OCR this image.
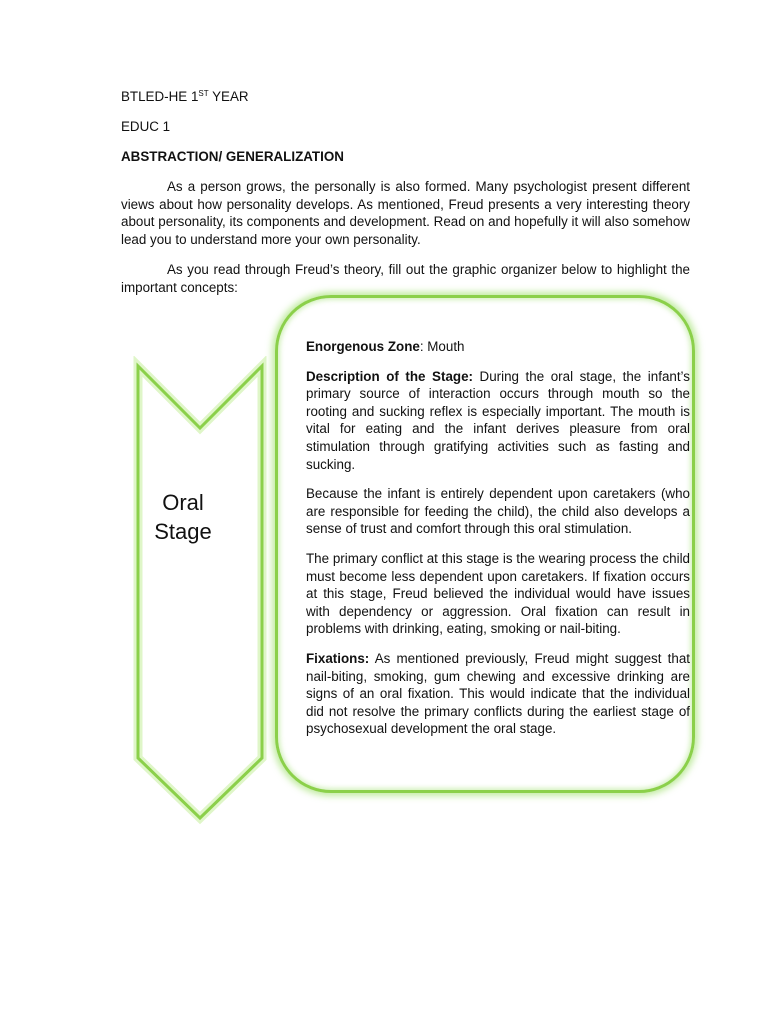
BTLED-HE 1ST YEAR

EDUC 1

ABSTRACTION/ GENERALIZATION

As a person grows, the personally is also formed. Many psychologist present different views about how personality develops. As mentioned, Freud presents a very interesting theory about personality, its components and development. Read on and hopefully it will also somehow lead you to understand more your own personality.

As you read through Freud’s theory, fill out the graphic organizer below to highlight the important concepts:

Oral
Stage

Enorgenous Zone: Mouth

Description of the Stage: During the oral stage, the infant’s primary source of interaction occurs through mouth so the rooting and sucking reflex is especially important. The mouth is vital for eating and the infant derives pleasure from oral stimulation through gratifying activities such as fasting and sucking.

Because the infant is entirely dependent upon caretakers (who are responsible for feeding the child), the child also develops a sense of trust and comfort through this oral stimulation.

The primary conflict at this stage is the wearing process the child must become less dependent upon caretakers. If fixation occurs at this stage, Freud believed the individual would have issues with dependency or aggression. Oral fixation can result in problems with drinking, eating, smoking or nail-biting.

Fixations: As mentioned previously, Freud might suggest that nail-biting, smoking, gum chewing and excessive drinking are signs of an oral fixation. This would indicate that the individual did not resolve the primary conflicts during the earliest stage of psychosexual development the oral stage.
